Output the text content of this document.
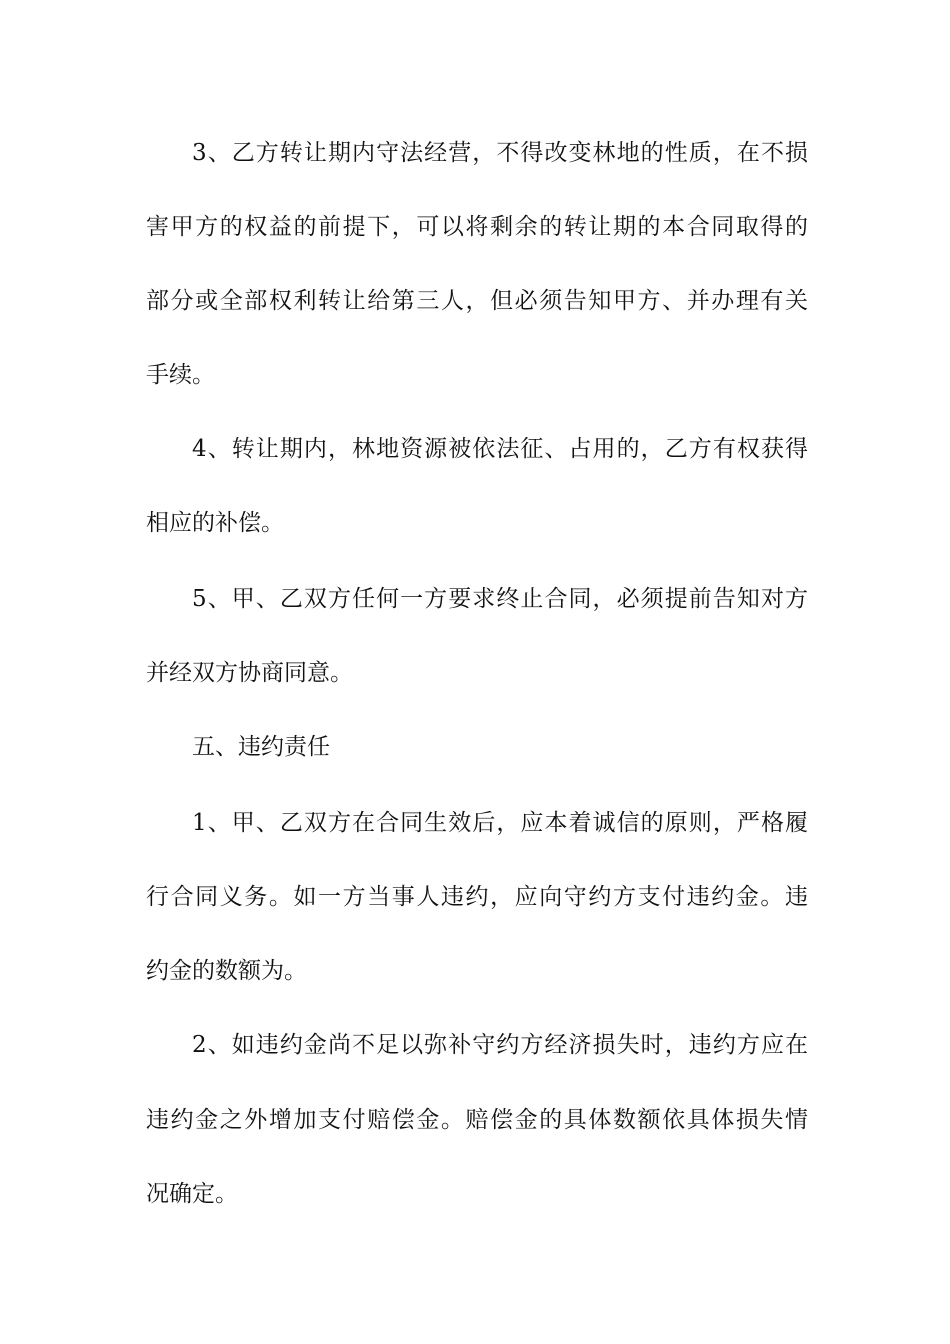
3、乙方转让期内守法经营，不得改变林地的性质，在不损
害甲方的权益的前提下，可以将剩余的转让期的本合同取得的
部分或全部权利转让给第三人，但必须告知甲方、并办理有关
手续。
4、转让期内，林地资源被依法征、占用的，乙方有权获得
相应的补偿。
5、甲、乙双方任何一方要求终止合同，必须提前告知对方
并经双方协商同意。
五、违约责任
1、甲、乙双方在合同生效后，应本着诚信的原则，严格履
行合同义务。如一方当事人违约，应向守约方支付违约金。违
约金的数额为。
2、如违约金尚不足以弥补守约方经济损失时，违约方应在
违约金之外增加支付赔偿金。赔偿金的具体数额依具体损失情
况确定。
